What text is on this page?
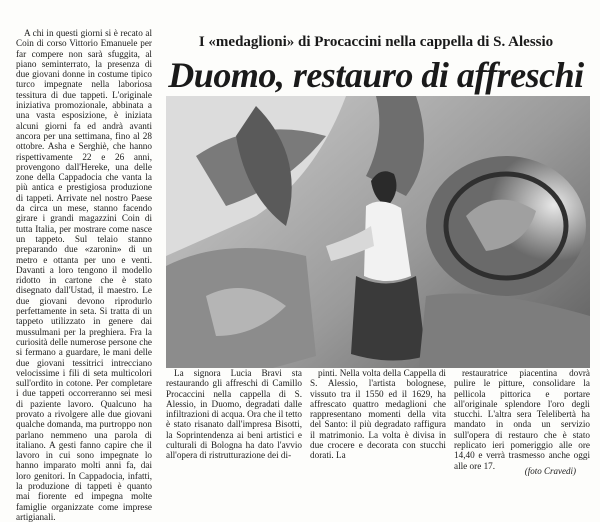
A chi in questi giorni si è recato al Coin di corso Vittorio Emanuele per far compere non sarà sfuggita, al piano seminterrato, la presenza di due giovani donne in costume tipico turco impegnate nella laboriosa tessitura di due tappeti. L'originale iniziativa promozionale, abbinata a una vasta esposizione, è iniziata alcuni giorni fa ed andrà avanti ancora per una settimana, fino al 28 ottobre. Asha e Serghiè, che hanno rispettivamente 22 e 26 anni, provengono dall'Hereke, una delle zone della Cappadocia che vanta la più antica e prestigiosa produzione di tappeti. Arrivate nel nostro Paese da circa un mese, stanno facendo girare i grandi magazzini Coin di tutta Italia, per mostrare come nasce un tappeto. Sul telaio stanno preparando due «zaronin» di un metro e ottanta per uno e venti. Davanti a loro tengono il modello ridotto in cartone che è stato disegnato dall'Ustad, il maestro. Le due giovani devono riprodurlo perfettamente in seta. Si tratta di un tappeto utilizzato in genere dai mussulmani per la preghiera. Fra la curiosità delle numerose persone che si fermano a guardare, le mani delle due giovani tessitrici intrecciano velocissime i fili di seta multicolori sull'ordito in cotone. Per completare i due tappeti occorreranno sei mesi di paziente lavoro. Qualcuno ha provato a rivolgere alle due giovani qualche domanda, ma purtroppo non parlano nemmeno una parola di italiano. A gesti fanno capire che il lavoro in cui sono impegnate lo hanno imparato molti anni fa, dai loro genitori. In Cappadocia, infatti, la produzione di tappeti è quanto mai fiorente ed impegna molte famiglie organizzate come imprese artigianali.

I «medaglioni» di Procaccini nella cappella di S. Alessio
Duomo, restauro di affreschi

La signora Lucia Bravi sta restaurando gli affreschi di Camillo Procaccini nella cappella di S. Alessio, in Duomo, degradati dalle infiltrazioni di acqua. Ora che il tetto è stato risanato dall'impresa Bisotti, la Soprintendenza ai beni artistici e culturali di Bologna ha dato l'avvio all'opera di ristrutturazione dei di-

pinti. Nella volta della Cappella di S. Alessio, l'artista bolognese, vissuto tra il 1550 ed il 1629, ha affrescato quattro medaglioni che rappresentano momenti della vita del Santo: il più degradato raffigura il matrimonio. La volta è divisa in due crocere e decorata con stucchi dorati. La

restauratrice piacentina dovrà pulire le pitture, consolidare la pellicola pittorica e portare all'originale splendore l'oro degli stucchi. L'altra sera Telelibertà ha mandato in onda un servizio sull'opera di restauro che è stato replicato ieri pomeriggio alle ore 14,40 e verrà trasmesso anche oggi alle ore 17.

(foto Cravedi)
